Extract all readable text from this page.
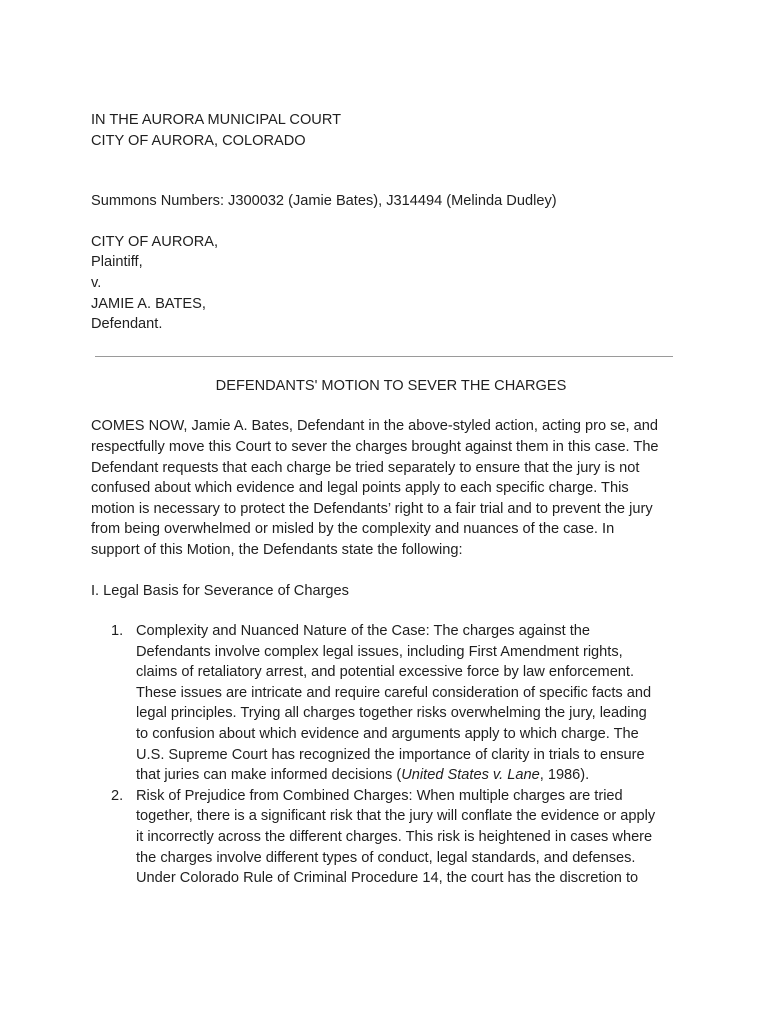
IN THE AURORA MUNICIPAL COURT
CITY OF AURORA, COLORADO
Summons Numbers: J300032 (Jamie Bates), J314494 (Melinda Dudley)
CITY OF AURORA,
Plaintiff,
v.
JAMIE A. BATES,
Defendant.
DEFENDANTS' MOTION TO SEVER THE CHARGES
COMES NOW, Jamie A. Bates, Defendant in the above-styled action, acting pro se, and
respectfully move this Court to sever the charges brought against them in this case. The
Defendant requests that each charge be tried separately to ensure that the jury is not
confused about which evidence and legal points apply to each specific charge. This
motion is necessary to protect the Defendants’ right to a fair trial and to prevent the jury
from being overwhelmed or misled by the complexity and nuances of the case. In
support of this Motion, the Defendants state the following:
I. Legal Basis for Severance of Charges
1. Complexity and Nuanced Nature of the Case: The charges against the
Defendants involve complex legal issues, including First Amendment rights,
claims of retaliatory arrest, and potential excessive force by law enforcement.
These issues are intricate and require careful consideration of specific facts and
legal principles. Trying all charges together risks overwhelming the jury, leading
to confusion about which evidence and arguments apply to which charge. The
U.S. Supreme Court has recognized the importance of clarity in trials to ensure
that juries can make informed decisions (United States v. Lane, 1986).
2. Risk of Prejudice from Combined Charges: When multiple charges are tried
together, there is a significant risk that the jury will conflate the evidence or apply
it incorrectly across the different charges. This risk is heightened in cases where
the charges involve different types of conduct, legal standards, and defenses.
Under Colorado Rule of Criminal Procedure 14, the court has the discretion to
